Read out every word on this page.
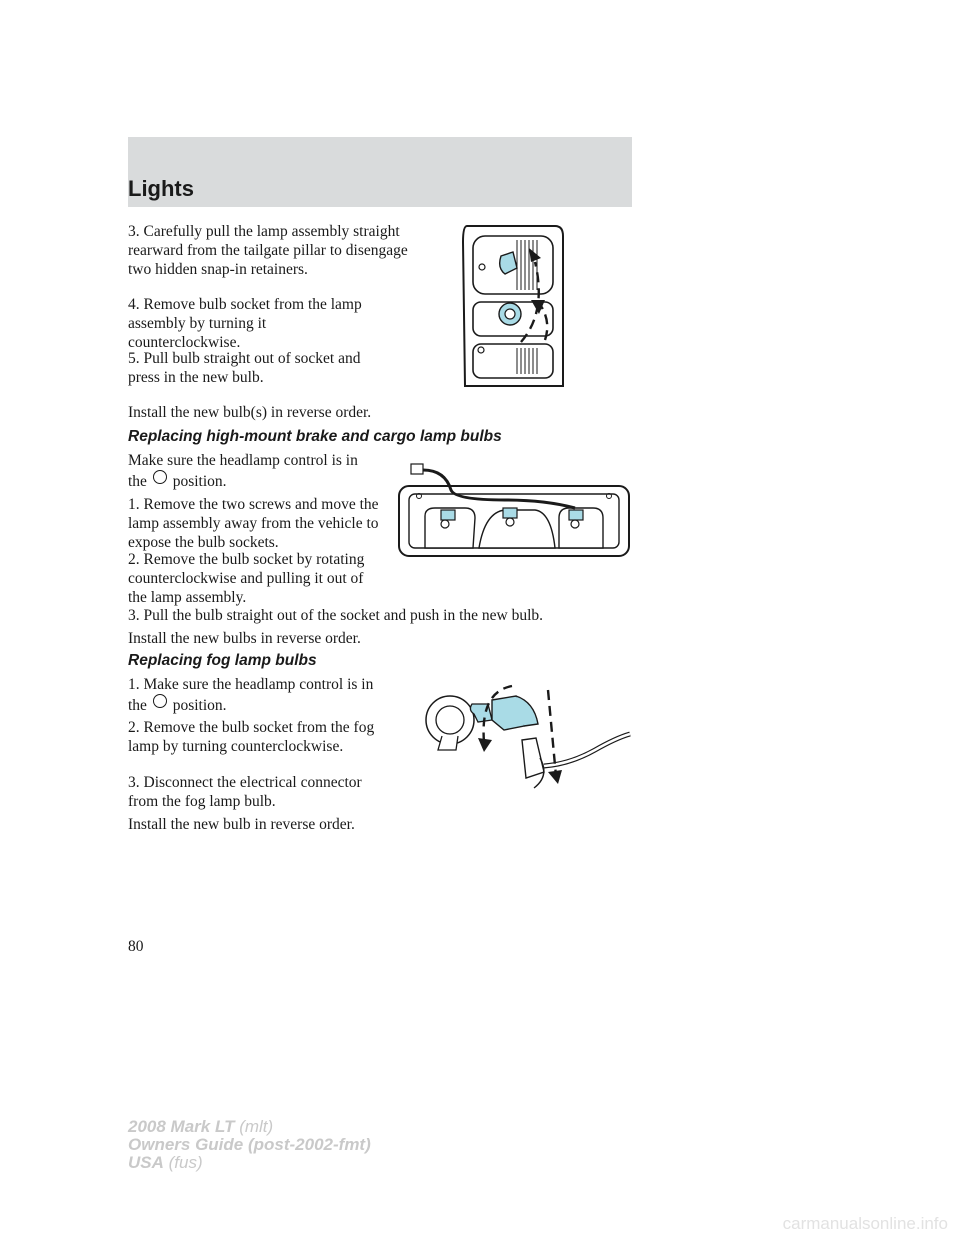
Lights

3. Carefully pull the lamp assembly straight rearward from the tailgate pillar to disengage two hidden snap-in retainers.

4. Remove bulb socket from the lamp assembly by turning it counterclockwise.

5. Pull bulb straight out of socket and press in the new bulb.

Install the new bulb(s) in reverse order.

Replacing high-mount brake and cargo lamp bulbs

Make sure the headlamp control is in the position.

1. Remove the two screws and move the lamp assembly away from the vehicle to expose the bulb sockets.

2. Remove the bulb socket by rotating counterclockwise and pulling it out of the lamp assembly.

3. Pull the bulb straight out of the socket and push in the new bulb.

Install the new bulbs in reverse order.

Replacing fog lamp bulbs

1. Make sure the headlamp control is in the position.

2. Remove the bulb socket from the fog lamp by turning counterclockwise.

3. Disconnect the electrical connector from the fog lamp bulb.

Install the new bulb in reverse order.

80
2008 Mark LT (mlt)
Owners Guide (post-2002-fmt)
USA (fus)
carmanualsonline.info
